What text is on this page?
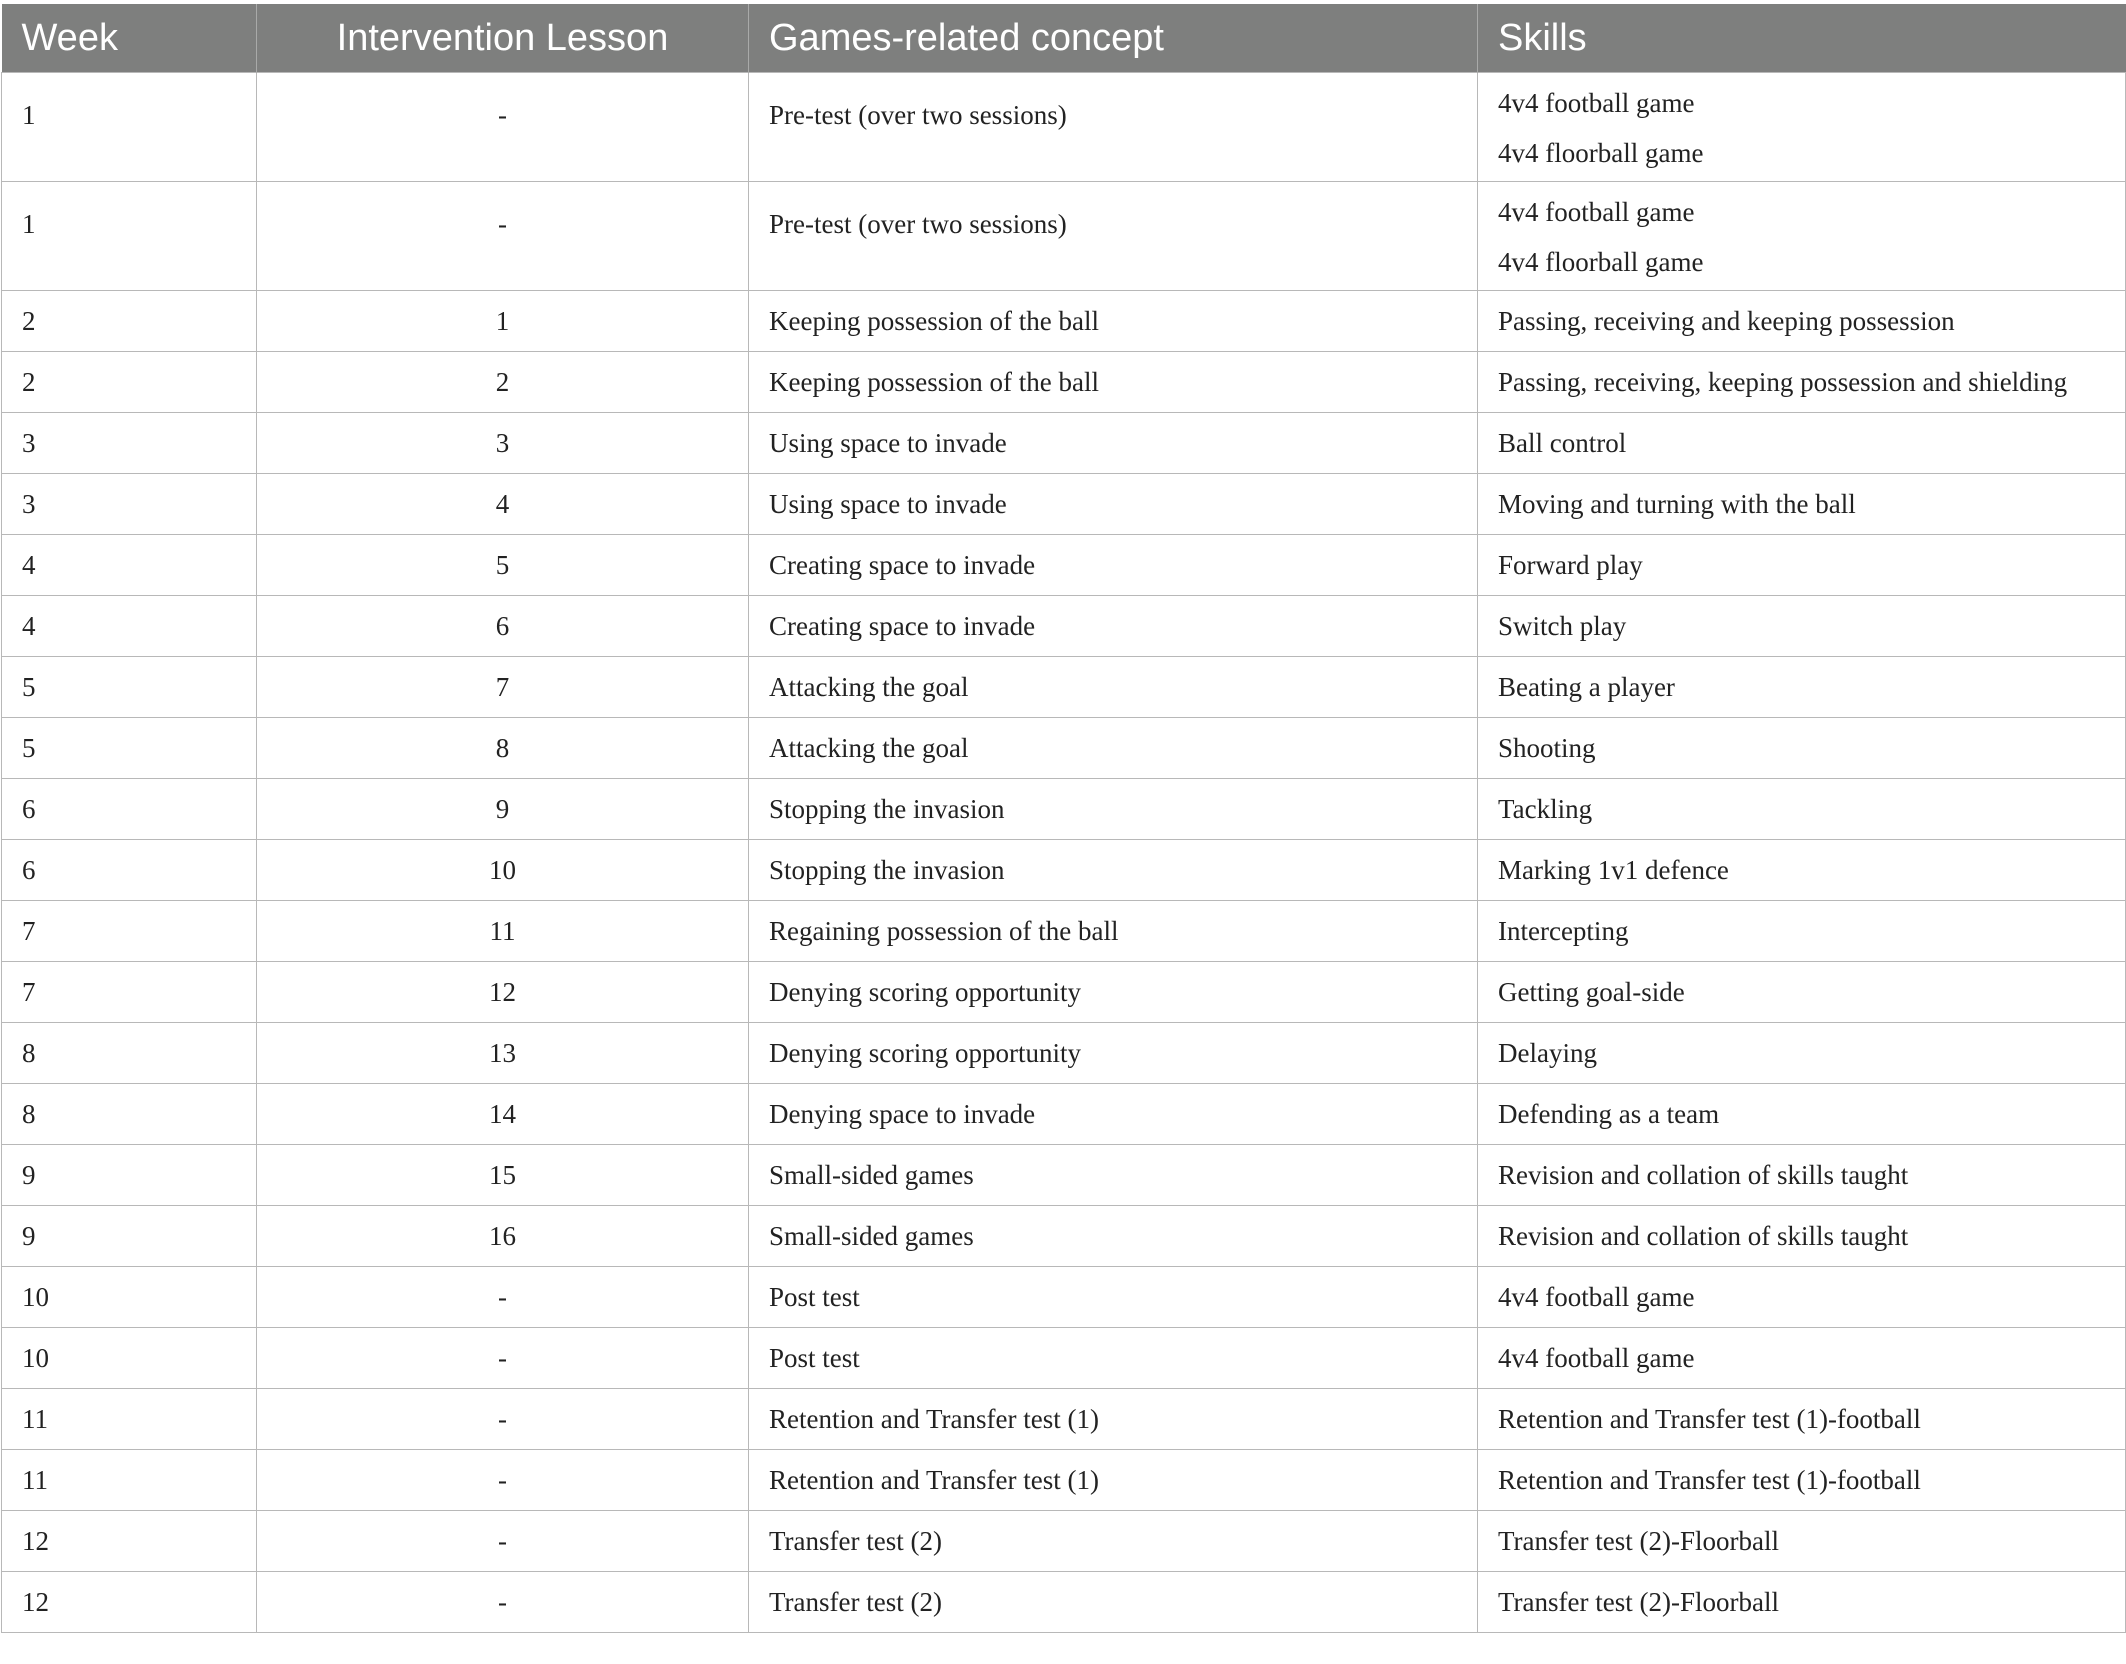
Week	Intervention Lesson	Games-related concept	Skills
1	-	Pre-test (over two sessions)	4v4 football game
4v4 floorball game

1	-	Pre-test (over two sessions)	4v4 football game
4v4 floorball game

2	1	Keeping possession of the ball	Passing, receiving and keeping possession
2	2	Keeping possession of the ball	Passing, receiving, keeping possession and shielding
3	3	Using space to invade	Ball control
3	4	Using space to invade	Moving and turning with the ball
4	5	Creating space to invade	Forward play
4	6	Creating space to invade	Switch play
5	7	Attacking the goal	Beating a player
5	8	Attacking the goal	Shooting
6	9	Stopping the invasion	Tackling
6	10	Stopping the invasion	Marking 1v1 defence
7	11	Regaining possession of the ball	Intercepting
7	12	Denying scoring opportunity	Getting goal-side
8	13	Denying scoring opportunity	Delaying
8	14	Denying space to invade	Defending as a team
9	15	Small-sided games	Revision and collation of skills taught
9	16	Small-sided games	Revision and collation of skills taught
10	-	Post test	4v4 football game
10	-	Post test	4v4 football game
11	-	Retention and Transfer test (1)	Retention and Transfer test (1)-football
11	-	Retention and Transfer test (1)	Retention and Transfer test (1)-football
12	-	Transfer test (2)	Transfer test (2)-Floorball
12	-	Transfer test (2)	Transfer test (2)-Floorball
